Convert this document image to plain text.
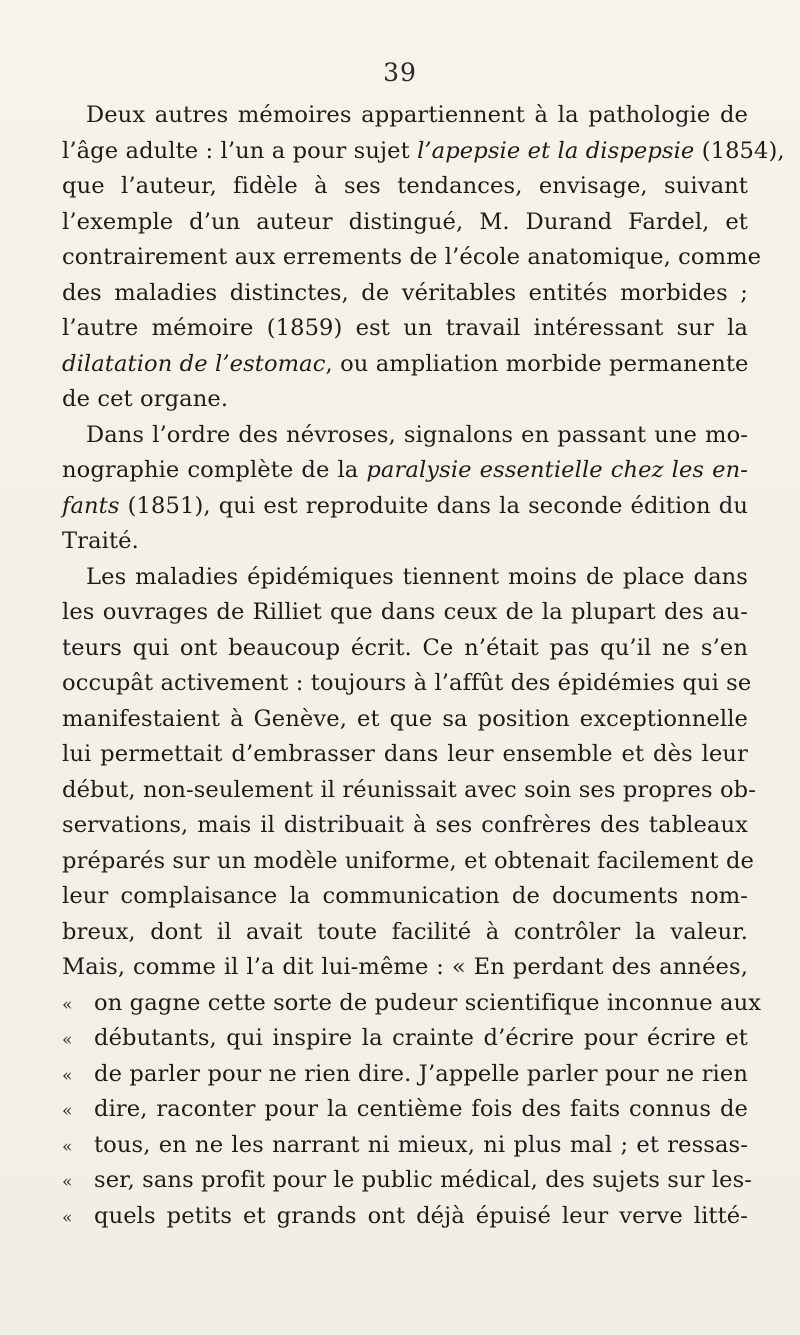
39
Deux autres mémoires appartiennent à la pathologie de
l’âge adulte : l’un a pour sujet l’apepsie et la dispepsie (1854),
que l’auteur, fidèle à ses tendances, envisage, suivant
l’exemple d’un auteur distingué, M. Durand Fardel, et
contrairement aux errements de l’école anatomique, comme
des maladies distinctes, de véritables entités morbides ;
l’autre mémoire (1859) est un travail intéressant sur la
dilatation de l’estomac, ou ampliation morbide permanente
de cet organe.
Dans l’ordre des névroses, signalons en passant une mo-
nographie complète de la paralysie essentielle chez les en-
fants (1851), qui est reproduite dans la seconde édition du
Traité.
Les maladies épidémiques tiennent moins de place dans
les ouvrages de Rilliet que dans ceux de la plupart des au-
teurs qui ont beaucoup écrit. Ce n’était pas qu’il ne s’en
occupât activement : toujours à l’affût des épidémies qui se
manifestaient à Genève, et que sa position exceptionnelle
lui permettait d’embrasser dans leur ensemble et dès leur
début, non-seulement il réunissait avec soin ses propres ob-
servations, mais il distribuait à ses confrères des tableaux
préparés sur un modèle uniforme, et obtenait facilement de
leur complaisance la communication de documents nom-
breux, dont il avait toute facilité à contrôler la valeur.
Mais, comme il l’a dit lui-même : « En perdant des années,
« on gagne cette sorte de pudeur scientifique inconnue aux
« débutants, qui inspire la crainte d’écrire pour écrire et
« de parler pour ne rien dire. J’appelle parler pour ne rien
« dire, raconter pour la centième fois des faits connus de
« tous, en ne les narrant ni mieux, ni plus mal ; et ressas-
« ser, sans profit pour le public médical, des sujets sur les-
« quels petits et grands ont déjà épuisé leur verve litté-
